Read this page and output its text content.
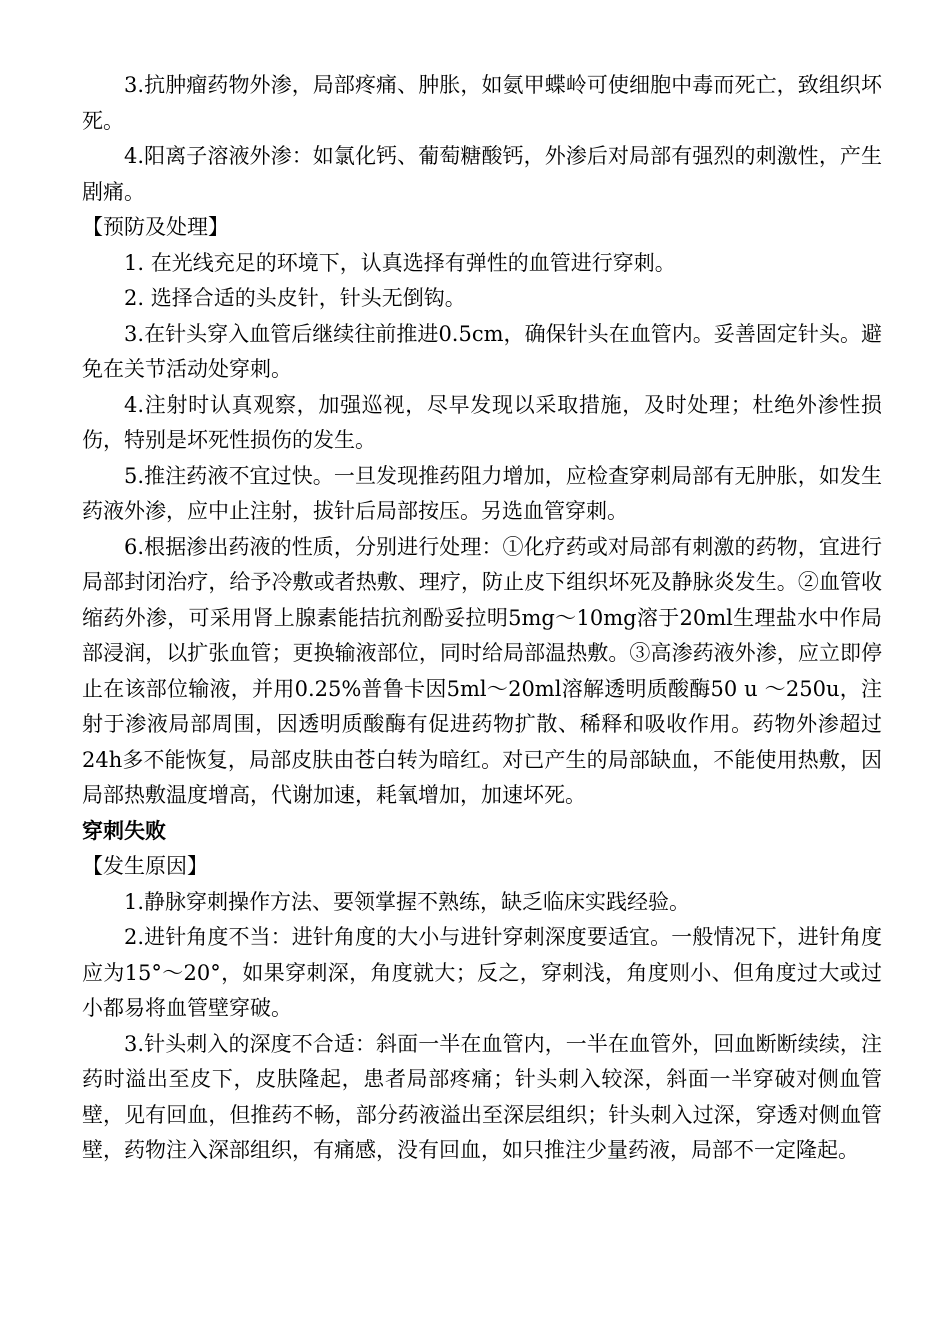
3.抗肿瘤药物外渗，局部疼痛、肿胀，如氨甲蝶岭可使细胞中毒而死亡，致组织坏死。

4.阳离子溶液外渗：如氯化钙、葡萄糖酸钙，外渗后对局部有强烈的刺激性，产生剧痛。

【预防及处理】

1. 在光线充足的环境下，认真选择有弹性的血管进行穿刺。

2. 选择合适的头皮针，针头无倒钩。

3.在针头穿入血管后继续往前推进0.5cm，确保针头在血管内。妥善固定针头。避免在关节活动处穿刺。

4.注射时认真观察，加强巡视，尽早发现以采取措施，及时处理；杜绝外渗性损伤，特别是坏死性损伤的发生。

5.推注药液不宜过快。一旦发现推药阻力增加，应检查穿刺局部有无肿胀，如发生药液外渗，应中止注射，拔针后局部按压。另选血管穿刺。

6.根据渗出药液的性质，分别进行处理：①化疗药或对局部有刺激的药物，宜进行局部封闭治疗，给予冷敷或者热敷、理疗，防止皮下组织坏死及静脉炎发生。②血管收缩药外渗，可采用肾上腺素能拮抗剂酚妥拉明5mg～10mg溶于20ml生理盐水中作局部浸润，以扩张血管；更换输液部位，同时给局部温热敷。③高渗药液外渗，应立即停止在该部位输液，并用0.25%普鲁卡因5ml～20ml溶解透明质酸酶50 u ～250u，注射于渗液局部周围，因透明质酸酶有促进药物扩散、稀释和吸收作用。药物外渗超过24h多不能恢复，局部皮肤由苍白转为暗红。对已产生的局部缺血，不能使用热敷，因局部热敷温度增高，代谢加速，耗氧增加，加速坏死。

穿刺失败

【发生原因】

1.静脉穿刺操作方法、要领掌握不熟练，缺乏临床实践经验。

2.进针角度不当：进针角度的大小与进针穿刺深度要适宜。一般情况下，进针角度应为15°～20°，如果穿刺深，角度就大；反之，穿刺浅，角度则小、但角度过大或过小都易将血管壁穿破。

3.针头刺入的深度不合适：斜面一半在血管内，一半在血管外，回血断断续续，注药时溢出至皮下，皮肤隆起，患者局部疼痛；针头刺入较深，斜面一半穿破对侧血管壁，见有回血，但推药不畅，部分药液溢出至深层组织；针头刺入过深，穿透对侧血管壁，药物注入深部组织，有痛感，没有回血，如只推注少量药液，局部不一定隆起。
